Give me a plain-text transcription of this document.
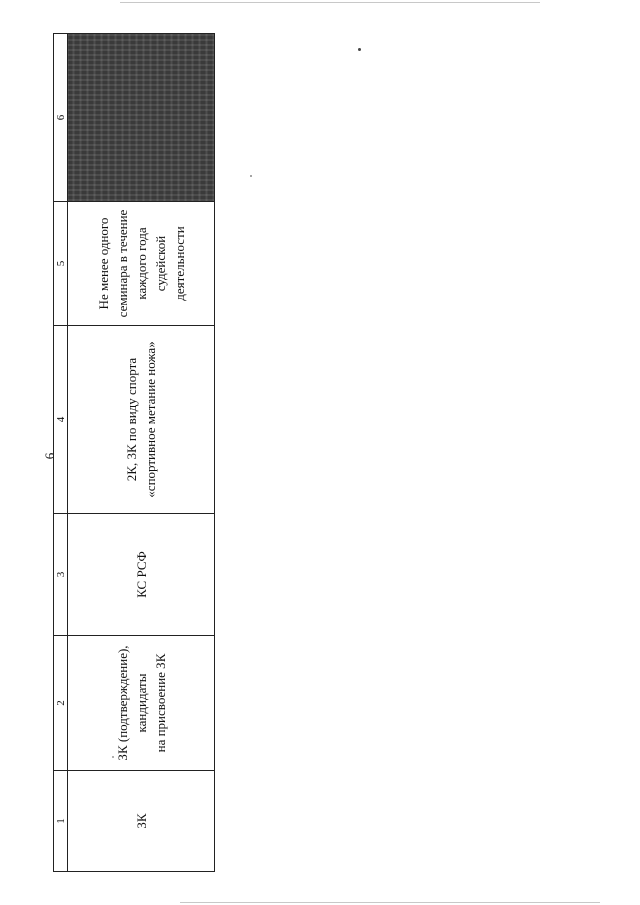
6
1	2	3	4	5	6

ЗК	ЗК (подтверждение), кандидаты на присвоение ЗК	КС РСФ	2К, 3К по виду спорта «спортивное метание ножа»	Не менее одного семинара в течение каждого года судейской деятельности	
